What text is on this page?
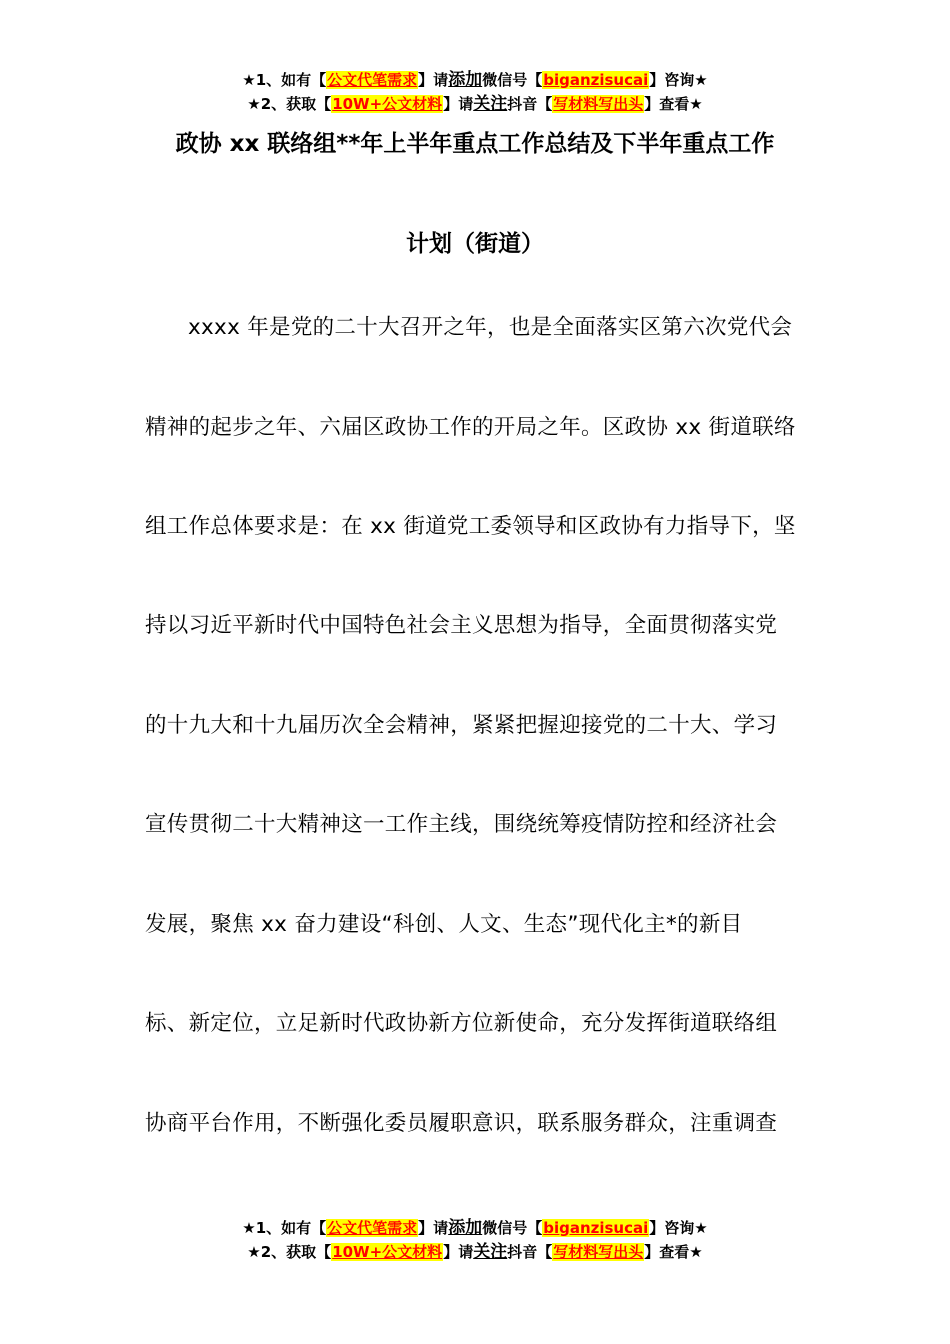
★1、如有【公文代笔需求】请添加微信号【biganzisucai】咨询★
★2、获取【10W+公文材料】请关注抖音【写材料写出头】查看★
政协 xx 联络组**年上半年重点工作总结及下半年重点工作
计划（街道）
xxxx 年是党的二十大召开之年，也是全面落实区第六次党代会
精神的起步之年、六届区政协工作的开局之年。区政协 xx 街道联络
组工作总体要求是：在 xx 街道党工委领导和区政协有力指导下，坚
持以习近平新时代中国特色社会主义思想为指导，全面贯彻落实党
的十九大和十九届历次全会精神，紧紧把握迎接党的二十大、学习
宣传贯彻二十大精神这一工作主线，围绕统筹疫情防控和经济社会
发展，聚焦 xx 奋力建设“科创、人文、生态”现代化主*的新目
标、新定位，立足新时代政协新方位新使命，充分发挥街道联络组
协商平台作用，不断强化委员履职意识，联系服务群众，注重调查
★1、如有【公文代笔需求】请添加微信号【biganzisucai】咨询★
★2、获取【10W+公文材料】请关注抖音【写材料写出头】查看★
